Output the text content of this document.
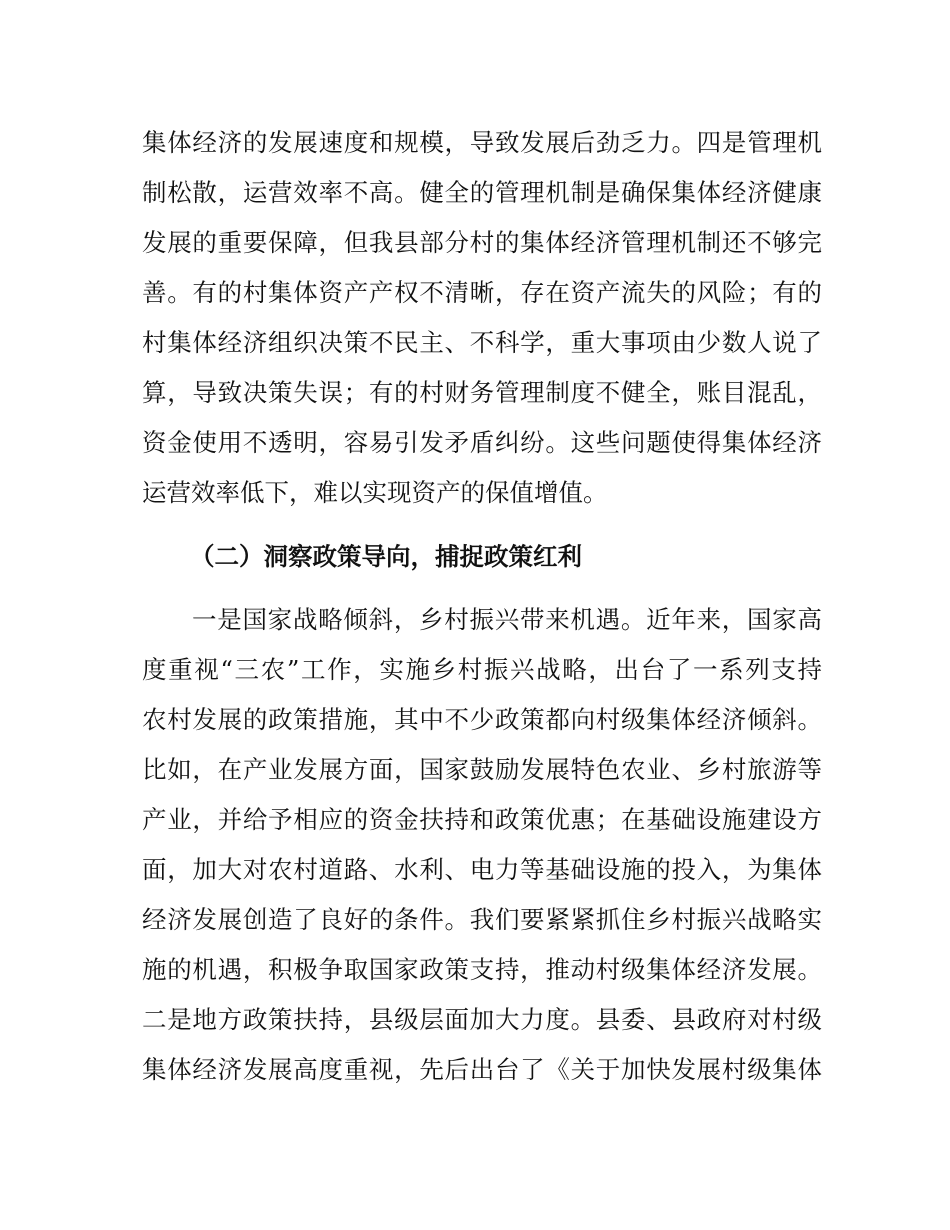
集体经济的发展速度和规模，导致发展后劲乏力。四是管理机
制松散，运营效率不高。健全的管理机制是确保集体经济健康
发展的重要保障，但我县部分村的集体经济管理机制还不够完
善。有的村集体资产产权不清晰，存在资产流失的风险；有的
村集体经济组织决策不民主、不科学，重大事项由少数人说了
算，导致决策失误；有的村财务管理制度不健全，账目混乱，
资金使用不透明，容易引发矛盾纠纷。这些问题使得集体经济
运营效率低下，难以实现资产的保值增值。
（二）洞察政策导向，捕捉政策红利
一是国家战略倾斜，乡村振兴带来机遇。近年来，国家高
度重视“三农”工作，实施乡村振兴战略，出台了一系列支持
农村发展的政策措施，其中不少政策都向村级集体经济倾斜。
比如，在产业发展方面，国家鼓励发展特色农业、乡村旅游等
产业，并给予相应的资金扶持和政策优惠；在基础设施建设方
面，加大对农村道路、水利、电力等基础设施的投入，为集体
经济发展创造了良好的条件。我们要紧紧抓住乡村振兴战略实
施的机遇，积极争取国家政策支持，推动村级集体经济发展。
二是地方政策扶持，县级层面加大力度。县委、县政府对村级
集体经济发展高度重视，先后出台了《关于加快发展村级集体
